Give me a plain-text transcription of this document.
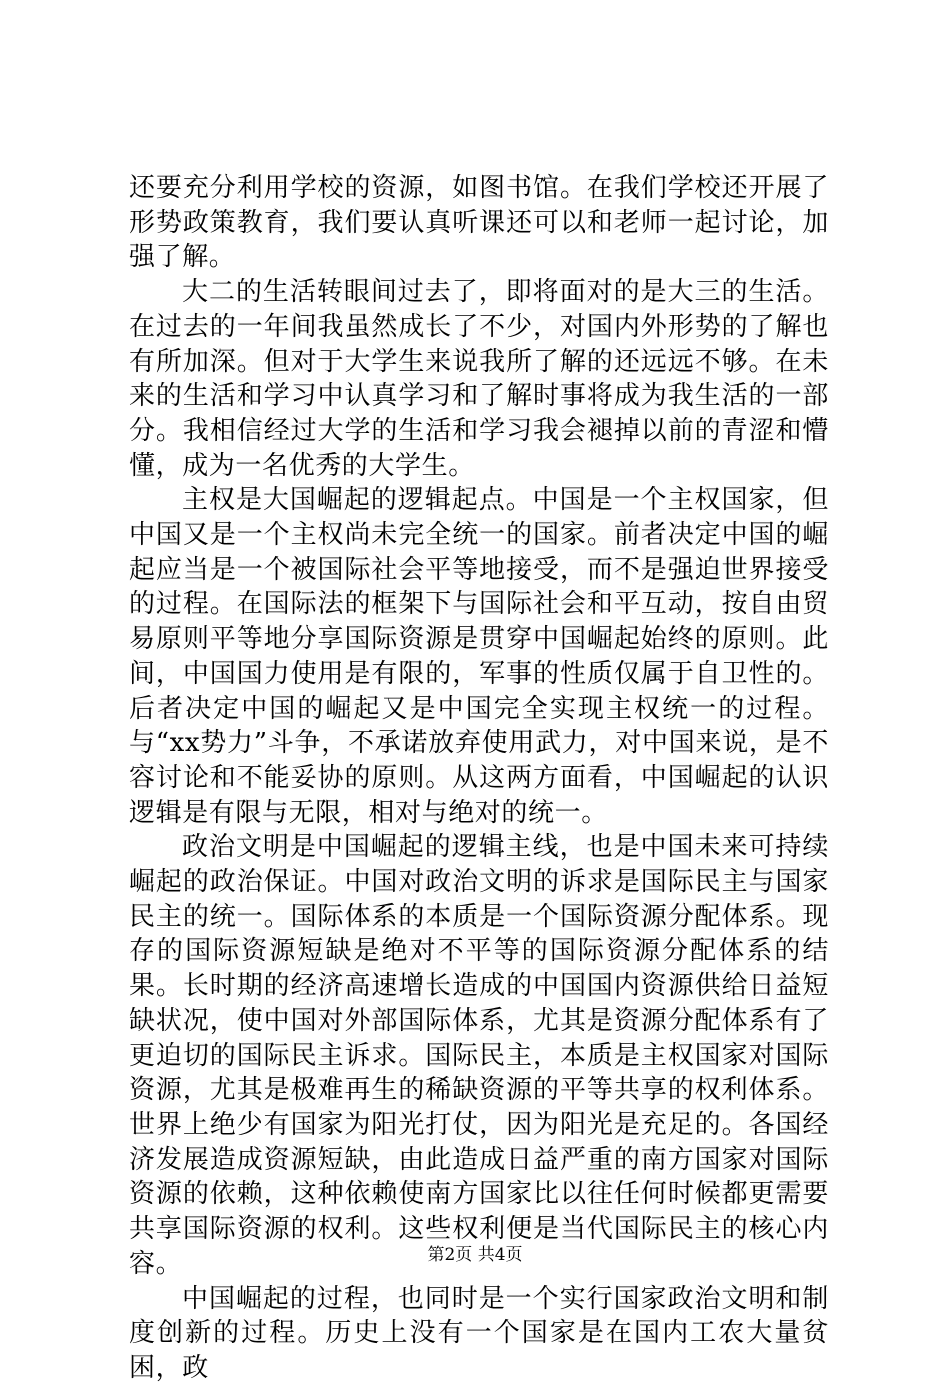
还要充分利用学校的资源，如图书馆。在我们学校还开展了形势政策教育，我们要认真听课还可以和老师一起讨论，加强了解。

大二的生活转眼间过去了，即将面对的是大三的生活。在过去的一年间我虽然成长了不少，对国内外形势的了解也有所加深。但对于大学生来说我所了解的还远远不够。在未来的生活和学习中认真学习和了解时事将成为我生活的一部分。我相信经过大学的生活和学习我会褪掉以前的青涩和懵懂，成为一名优秀的大学生。

主权是大国崛起的逻辑起点。中国是一个主权国家，但中国又是一个主权尚未完全统一的国家。前者决定中国的崛起应当是一个被国际社会平等地接受，而不是强迫世界接受的过程。在国际法的框架下与国际社会和平互动，按自由贸易原则平等地分享国际资源是贯穿中国崛起始终的原则。此间，中国国力使用是有限的，军事的性质仅属于自卫性的。后者决定中国的崛起又是中国完全实现主权统一的过程。与“xx势力”斗争，不承诺放弃使用武力，对中国来说，是不容讨论和不能妥协的原则。从这两方面看，中国崛起的认识逻辑是有限与无限，相对与绝对的统一。

政治文明是中国崛起的逻辑主线，也是中国未来可持续崛起的政治保证。中国对政治文明的诉求是国际民主与国家民主的统一。国际体系的本质是一个国际资源分配体系。现存的国际资源短缺是绝对不平等的国际资源分配体系的结果。长时期的经济高速增长造成的中国国内资源供给日益短缺状况，使中国对外部国际体系，尤其是资源分配体系有了更迫切的国际民主诉求。国际民主，本质是主权国家对国际资源，尤其是极难再生的稀缺资源的平等共享的权利体系。世界上绝少有国家为阳光打仗，因为阳光是充足的。各国经济发展造成资源短缺，由此造成日益严重的南方国家对国际资源的依赖，这种依赖使南方国家比以往任何时候都更需要共享国际资源的权利。这些权利便是当代国际民主的核心内容。

中国崛起的过程，也同时是一个实行国家政治文明和制度创新的过程。历史上没有一个国家是在国内工农大量贫困，政

第2页 共4页
